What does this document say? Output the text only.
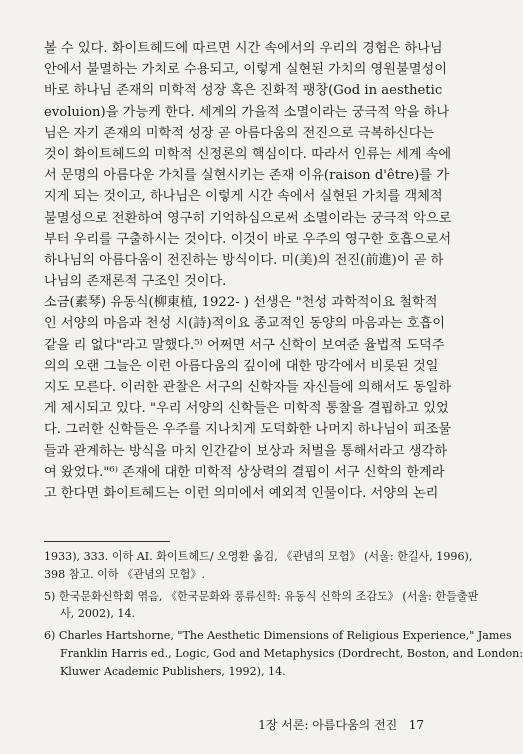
볼 수 있다. 화이트헤드에 따르면 시간 속에서의 우리의 경험은 하나님
안에서 불멸하는 가치로 수용되고, 이렇게 실현된 가치의 영원불멸성이
바로 하나님 존재의 미학적 성장 혹은 진화적 팽창(God in aesthetic
evoluion)을 가능케 한다. 세계의 가을적 소멸이라는 궁극적 악을 하나
님은 자기 존재의 미학적 성장 곧 아름다움의 전진으로 극복하신다는
것이 화이트헤드의 미학적 신정론의 핵심이다. 따라서 인류는 세계 속에
서 문명의 아름다운 가치를 실현시키는 존재 이유(raison d'être)를 가
지게 되는 것이고, 하나님은 이렇게 시간 속에서 실현된 가치를 객체적
불멸성으로 전환하여 영구히 기억하심으로써 소멸이라는 궁극적 악으로
부터 우리를 구출하시는 것이다. 이것이 바로 우주의 영구한 호흡으로서
하나님의 아름다움이 전진하는 방식이다. 미(美)의 전진(前進)이 곧 하
나님의 존재론적 구조인 것이다.
소금(素琴) 유동식(柳東植, 1922- ) 선생은 "천성 과학적이요 철학적
인 서양의 마음과 천성 시(詩)적이요 종교적인 동양의 마음과는 호흡이
같을 리 없다"라고 말했다.⁵⁾ 어쩌면 서구 신학이 보여준 율법적 도덕주
의의 오랜 그늘은 이런 아름다움의 깊이에 대한 망각에서 비롯된 것일
지도 모른다. 이러한 관찰은 서구의 신학자들 자신들에 의해서도 동일하
게 제시되고 있다. "우리 서양의 신학들은 미학적 통찰을 결핍하고 있었
다. 그러한 신학들은 우주를 지나치게 도덕화한 나머지 하나님이 피조물
들과 관계하는 방식을 마치 인간같이 보상과 처벌을 통해서라고 생각하
여 왔었다."⁶⁾ 존재에 대한 미학적 상상력의 결핍이 서구 신학의 한계라
고 한다면 화이트헤드는 이런 의미에서 예외적 인물이다. 서양의 논리
1933), 333. 이하 AI. 화이트헤드/ 오영환 옮김, 《관념의 모험》 (서울: 한길사, 1996),
398 참고. 이하 《관념의 모험》.
5) 한국문화신학회 엮음, 《한국문화와 풍류신학: 유동식 신학의 조감도》 (서울: 한들출판
사, 2002), 14.
6) Charles Hartshorne, "The Aesthetic Dimensions of Religious Experience," James
Franklin Harris ed., Logic, God and Metaphysics (Dordrecht, Boston, and London:
Kluwer Academic Publishers, 1992), 14.
1장 서론: 아름다움의 전진 17
